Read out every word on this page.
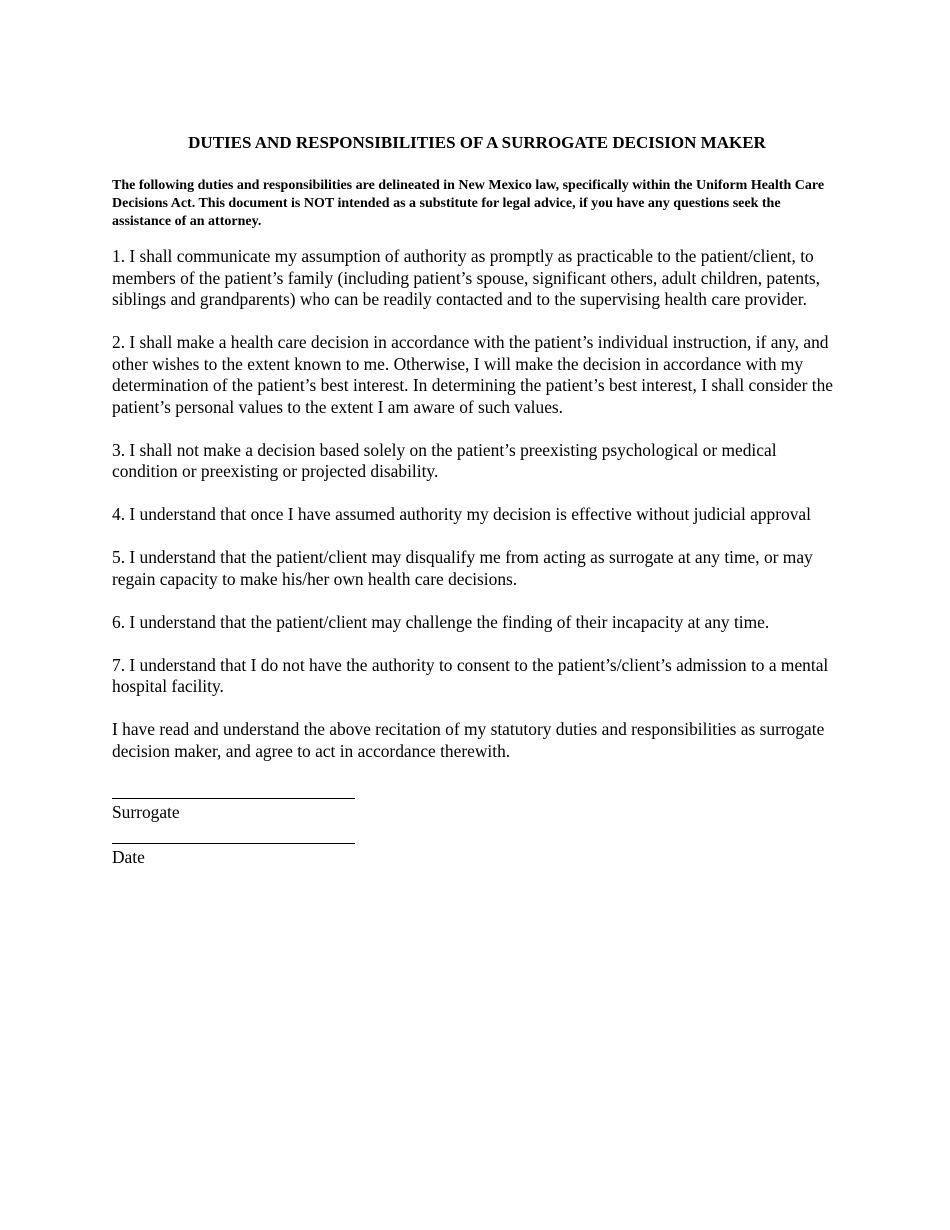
DUTIES AND RESPONSIBILITIES OF A SURROGATE DECISION MAKER
The following duties and responsibilities are delineated in New Mexico law, specifically within the Uniform Health Care Decisions Act. This document is NOT intended as a substitute for legal advice, if you have any questions seek the assistance of an attorney.
1. I shall communicate my assumption of authority as promptly as practicable to the patient/client, to members of the patient’s family (including patient’s spouse, significant others, adult children, patents, siblings and grandparents) who can be readily contacted and to the supervising health care provider.
2. I shall make a health care decision in accordance with the patient’s individual instruction, if any, and other wishes to the extent known to me. Otherwise, I will make the decision in accordance with my determination of the patient’s best interest. In determining the patient’s best interest, I shall consider the patient’s personal values to the extent I am aware of such values.
3. I shall not make a decision based solely on the patient’s preexisting psychological or medical condition or preexisting or projected disability.
4. I understand that once I have assumed authority my decision is effective without judicial approval
5. I understand that the patient/client may disqualify me from acting as surrogate at any time, or may regain capacity to make his/her own health care decisions.
6. I understand that the patient/client may challenge the finding of their incapacity at any time.
7. I understand that I do not have the authority to consent to the patient’s/client’s admission to a mental hospital facility.
I have read and understand the above recitation of my statutory duties and responsibilities as surrogate decision maker, and agree to act in accordance therewith.
Surrogate
Date
